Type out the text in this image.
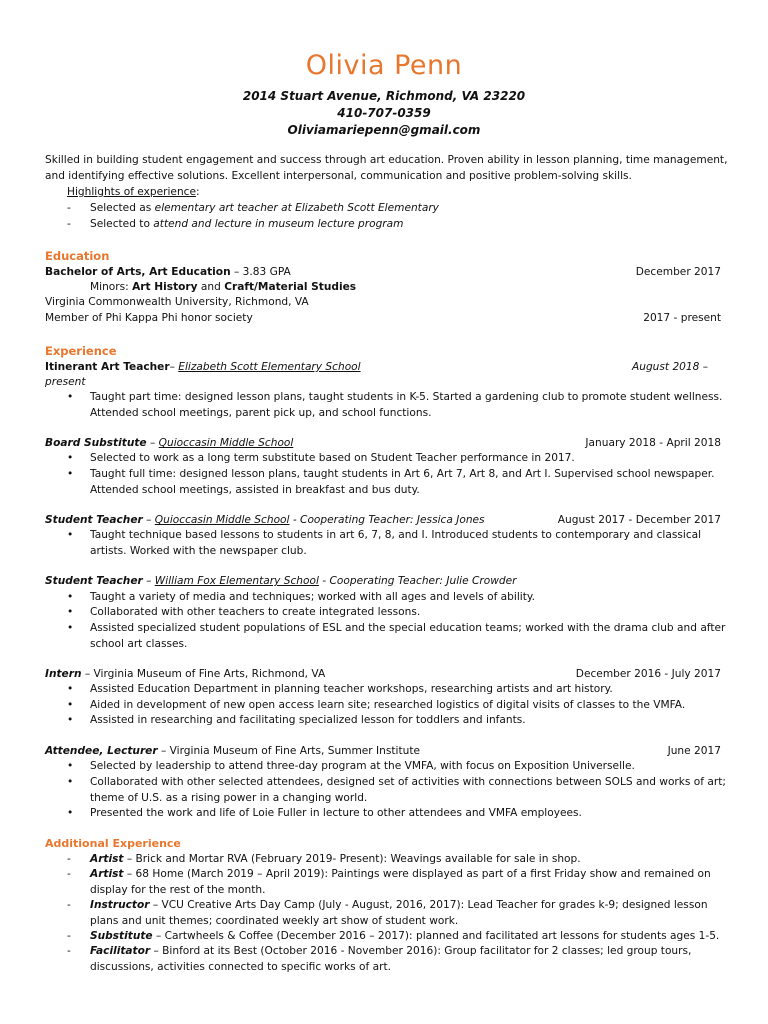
Olivia Penn
2014 Stuart Avenue, Richmond, VA 23220
410-707-0359
Oliviamariepenn@gmail.com
Skilled in building student engagement and success through art education. Proven ability in lesson planning, time management, and identifying effective solutions. Excellent interpersonal, communication and positive problem-solving skills.
Highlights of experience:
- Selected as elementary art teacher at Elizabeth Scott Elementary
- Selected to attend and lecture in museum lecture program
Education
Bachelor of Arts, Art Education – 3.83 GPA	December 2017
Minors: Art History and Craft/Material Studies
Virginia Commonwealth University, Richmond, VA
Member of Phi Kappa Phi honor society	2017 - present
Experience
Itinerant Art Teacher– Elizabeth Scott Elementary School	August 2018 –
present
• Taught part time: designed lesson plans, taught students in K-5. Started a gardening club to promote student wellness. Attended school meetings, parent pick up, and school functions.
Board Substitute – Quioccasin Middle School	January 2018 - April 2018
• Selected to work as a long term substitute based on Student Teacher performance in 2017.
• Taught full time: designed lesson plans, taught students in Art 6, Art 7, Art 8, and Art I. Supervised school newspaper. Attended school meetings, assisted in breakfast and bus duty.
Student Teacher – Quioccasin Middle School - Cooperating Teacher: Jessica Jones	August 2017 - December 2017
• Taught technique based lessons to students in art 6, 7, 8, and I. Introduced students to contemporary and classical artists. Worked with the newspaper club.
Student Teacher – William Fox Elementary School - Cooperating Teacher: Julie Crowder
• Taught a variety of media and techniques; worked with all ages and levels of ability.
• Collaborated with other teachers to create integrated lessons.
• Assisted specialized student populations of ESL and the special education teams; worked with the drama club and after school art classes.
Intern – Virginia Museum of Fine Arts, Richmond, VA	December 2016 - July 2017
• Assisted Education Department in planning teacher workshops, researching artists and art history.
• Aided in development of new open access learn site; researched logistics of digital visits of classes to the VMFA.
• Assisted in researching and facilitating specialized lesson for toddlers and infants.
Attendee, Lecturer – Virginia Museum of Fine Arts, Summer Institute	June 2017
• Selected by leadership to attend three-day program at the VMFA, with focus on Exposition Universelle.
• Collaborated with other selected attendees, designed set of activities with connections between SOLS and works of art; theme of U.S. as a rising power in a changing world.
• Presented the work and life of Loie Fuller in lecture to other attendees and VMFA employees.
Additional Experience
- Artist – Brick and Mortar RVA (February 2019- Present): Weavings available for sale in shop.
- Artist – 68 Home (March 2019 – April 2019): Paintings were displayed as part of a first Friday show and remained on display for the rest of the month.
- Instructor – VCU Creative Arts Day Camp (July - August, 2016, 2017): Lead Teacher for grades k-9; designed lesson plans and unit themes; coordinated weekly art show of student work.
- Substitute – Cartwheels & Coffee (December 2016 – 2017): planned and facilitated art lessons for students ages 1-5.
- Facilitator – Binford at its Best (October 2016 - November 2016): Group facilitator for 2 classes; led group tours, discussions, activities connected to specific works of art.
